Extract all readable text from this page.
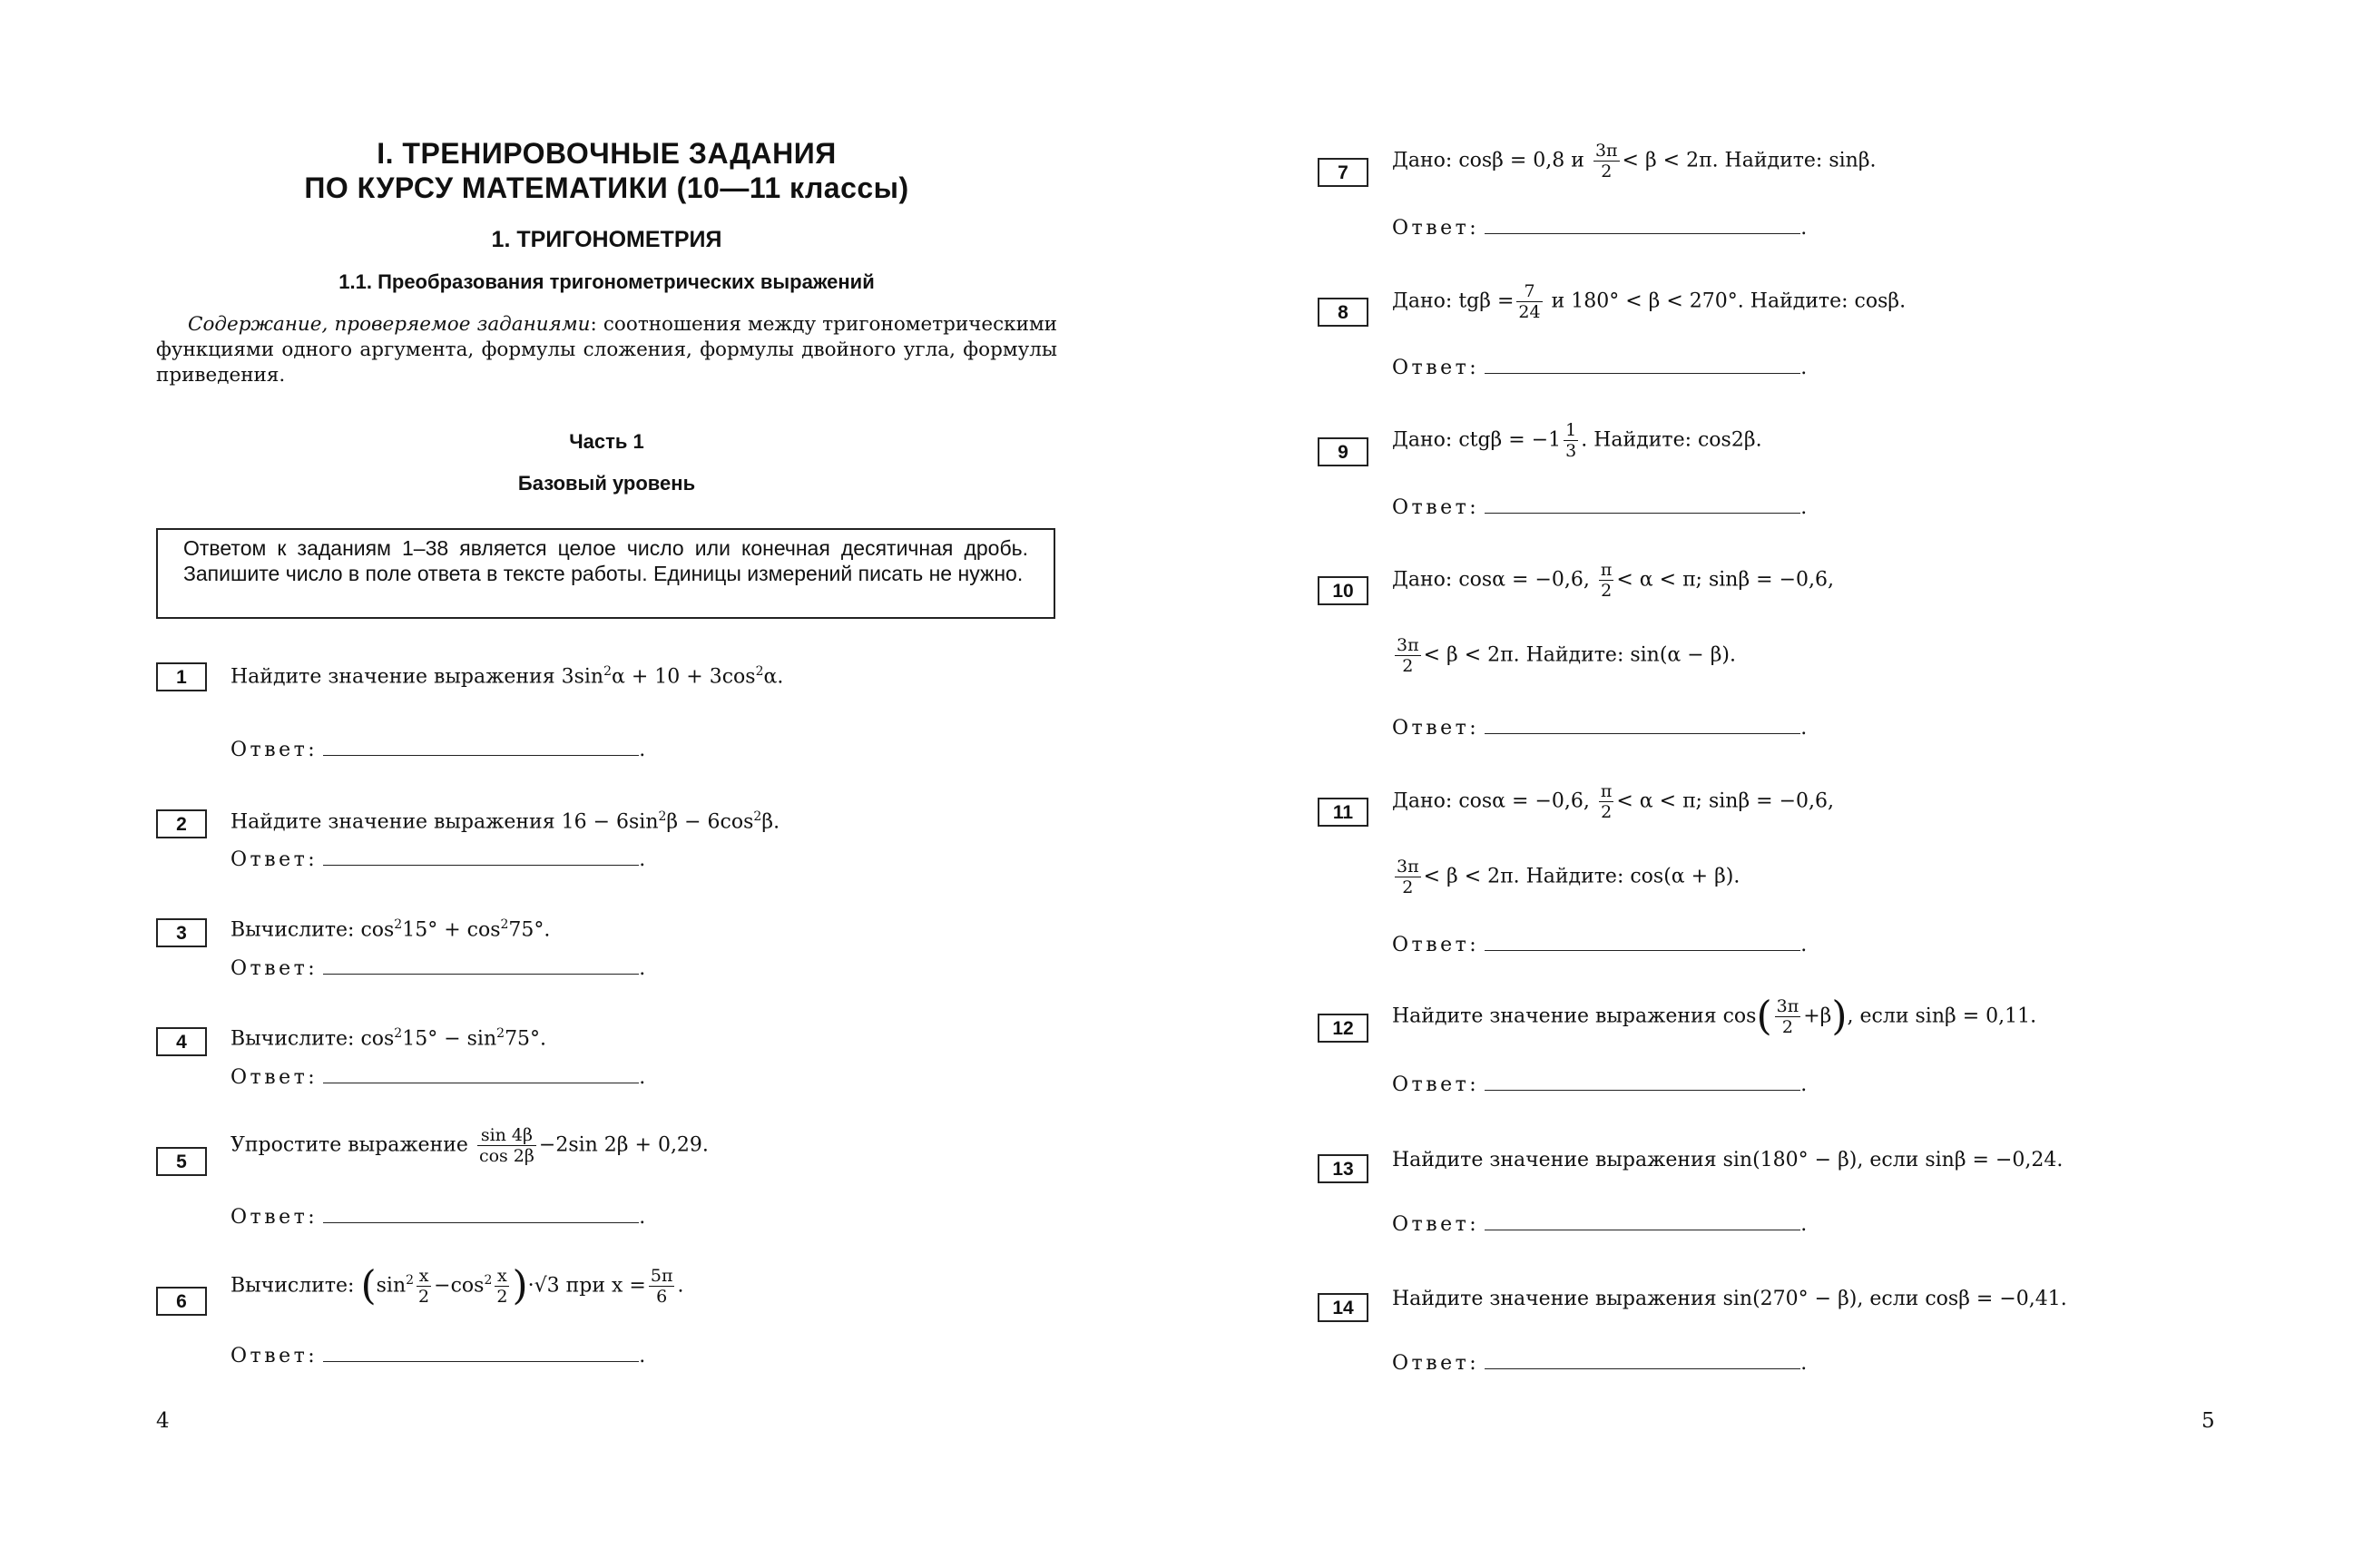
I. ТРЕНИРОВОЧНЫЕ ЗАДАНИЯ
ПО КУРСУ МАТЕМАТИКИ (10—11 классы)
1. ТРИГОНОМЕТРИЯ
1.1. Преобразования тригонометрических выражений
Содержание, проверяемое заданиями: соотношения между тригонометрическими функциями одного аргумента, формулы сложения, формулы двойного угла, формулы приведения.
Часть 1
Базовый уровень
Ответом к заданиям 1–38 является целое число или конечная десятичная дробь. Запишите число в поле ответа в тексте работы. Единицы измерений писать не нужно.
1	Найдите значение выражения $3\sin^2\alpha + 10 + 3\cos^2\alpha$.
Ответ:	.
2	Найдите значение выражения $16 - 6\sin^2\beta - 6\cos^2\beta$.
Ответ:	.
3	Вычислите: $\cos^215^\circ + \cos^275^\circ$.
Ответ:	.
4	Вычислите: $\cos^215^\circ - \sin^275^\circ$.
Ответ:	.
5
Упростите выражение $\frac{\sin 4\beta}{\cos 2\beta} -2\sin$ 2β + 0,29.
Ответ:	.
6
Вычислите: $(\sin^2 \frac{x}{2} -\cos^2 \frac{x}{2} )\cdot√3$ при $x = \frac{5\pi}{6}$ .
Ответ:	.
4
7
Дано: cosβ = 0,8 и $\frac{3\pi}{2} < \beta < 2\pi$. Найдите: sinβ.
Ответ:	.
8	Дано: $tg\beta = \frac{7}{24}$ и 180° < β < 270°. Найдите: cosβ.
Ответ:	.
9
Дано: $ctg\beta = -1 \frac{1}{3}$ . Найдите: cos2β.
Ответ:	.
10	Дано: cosα = −0,6, $\frac{\pi}{2} < \alpha < \pi$; sinβ = −0,6,
$\frac{3\pi}{2} < \beta < 2\pi$. Найдите: sin(α − β).
Ответ:	.
11	Дано: cosα = −0,6, $\frac{\pi}{2} < \alpha < \pi$; sinβ = −0,6,
$\frac{3\pi}{2} < \beta < 2\pi$. Найдите: cos(α + β).
Ответ:	.
12
Найдите значение выражения $\cos( \frac{3\pi}{2} +\beta)$, если sinβ = 0,11.
Ответ:	.
13	Найдите значение выражения sin(180° − β), если sinβ = −0,24.
Ответ:	.
14	Найдите значение выражения sin(270° − β), если cosβ = −0,41.
Ответ:	.
5
